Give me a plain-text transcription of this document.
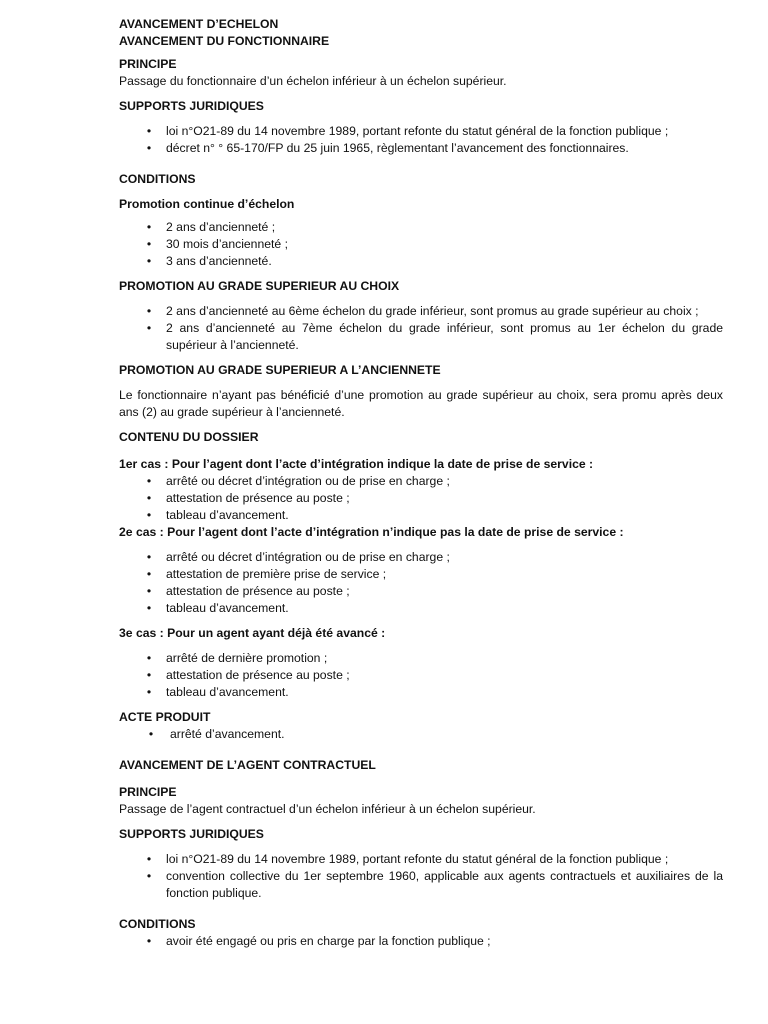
AVANCEMENT D’ECHELON

AVANCEMENT DU FONCTIONNAIRE

PRINCIPE

Passage du fonctionnaire d’un échelon inférieur à un échelon supérieur.

SUPPORTS JURIDIQUES

• loi n°O21-89 du 14 novembre 1989, portant refonte du statut général de la fonction publique ;
• décret n° ° 65-170/FP du 25 juin 1965, règlementant l’avancement des fonctionnaires.

CONDITIONS

Promotion continue d’échelon

• 2 ans d’ancienneté ;
• 30 mois d’ancienneté ;
• 3 ans d’ancienneté.

PROMOTION AU GRADE SUPERIEUR AU CHOIX

• 2 ans d’ancienneté au 6ème échelon du grade inférieur, sont promus au grade supérieur au choix ;
• 2 ans d’ancienneté au 7ème échelon du grade inférieur, sont promus au 1er échelon du grade supérieur à l’ancienneté.

PROMOTION AU GRADE SUPERIEUR A L’ANCIENNETE

Le fonctionnaire n’ayant pas bénéficié d’une promotion au grade supérieur au choix, sera promu après deux ans (2) au grade supérieur à l’ancienneté.

CONTENU DU DOSSIER

1er cas : Pour l’agent dont l’acte d’intégration indique la date de prise de service :

• arrêté ou décret d’intégration ou de prise en charge ;
• attestation de présence au poste ;
• tableau d’avancement.

2e cas : Pour l’agent dont l’acte d’intégration n’indique pas la date de prise de service :

• arrêté ou décret d’intégration ou de prise en charge ;
• attestation de première prise de service ;
• attestation de présence au poste ;
• tableau d’avancement.

3e cas : Pour un agent ayant déjà été avancé :

• arrêté de dernière promotion ;
• attestation de présence au poste ;
• tableau d’avancement.

ACTE PRODUIT

• arrêté d’avancement.

AVANCEMENT DE L’AGENT CONTRACTUEL

PRINCIPE

Passage de l’agent contractuel d’un échelon inférieur à un échelon supérieur.

SUPPORTS JURIDIQUES

• loi n°O21-89 du 14 novembre 1989, portant refonte du statut général de la fonction publique ;
• convention collective du 1er septembre 1960, applicable aux agents contractuels et auxiliaires de la fonction publique.

CONDITIONS

• avoir été engagé ou pris en charge par la fonction publique ;
